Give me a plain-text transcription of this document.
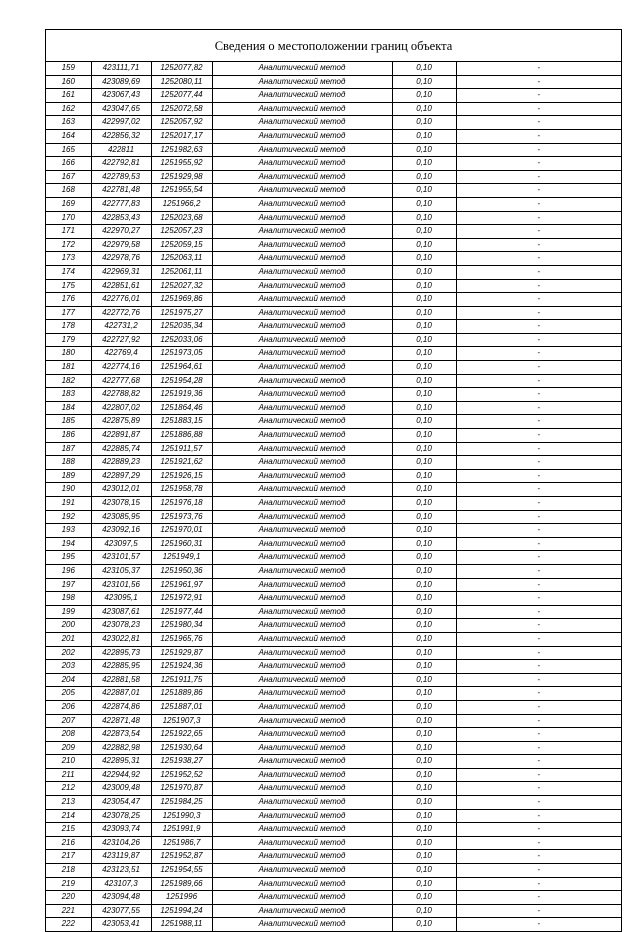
Сведения о местоположении границ объекта
159	423111,71	1252077,82	Аналитический метод	0,10	-
160	423089,69	1252080,11	Аналитический метод	0,10	-
161	423067,43	1252077,44	Аналитический метод	0,10	-
162	423047,65	1252072,58	Аналитический метод	0,10	-
163	422997,02	1252057,92	Аналитический метод	0,10	-
164	422856,32	1252017,17	Аналитический метод	0,10	-
165	422811	1251982,63	Аналитический метод	0,10	-
166	422792,81	1251955,92	Аналитический метод	0,10	-
167	422789,53	1251929,98	Аналитический метод	0,10	-
168	422781,48	1251955,54	Аналитический метод	0,10	-
169	422777,83	1251966,2	Аналитический метод	0,10	-
170	422853,43	1252023,68	Аналитический метод	0,10	-
171	422970,27	1252057,23	Аналитический метод	0,10	-
172	422979,58	1252059,15	Аналитический метод	0,10	-
173	422978,76	1252063,11	Аналитический метод	0,10	-
174	422969,31	1252061,11	Аналитический метод	0,10	-
175	422851,61	1252027,32	Аналитический метод	0,10	-
176	422776,01	1251969,86	Аналитический метод	0,10	-
177	422772,76	1251975,27	Аналитический метод	0,10	-
178	422731,2	1252035,34	Аналитический метод	0,10	-
179	422727,92	1252033,06	Аналитический метод	0,10	-
180	422769,4	1251973,05	Аналитический метод	0,10	-
181	422774,16	1251964,61	Аналитический метод	0,10	-
182	422777,68	1251954,28	Аналитический метод	0,10	-
183	422788,82	1251919,36	Аналитический метод	0,10	-
184	422807,02	1251864,46	Аналитический метод	0,10	-
185	422875,89	1251883,15	Аналитический метод	0,10	-
186	422891,87	1251886,88	Аналитический метод	0,10	-
187	422885,74	1251911,57	Аналитический метод	0,10	-
188	422889,23	1251921,62	Аналитический метод	0,10	-
189	422897,29	1251926,15	Аналитический метод	0,10	-
190	423012,01	1251958,78	Аналитический метод	0,10	-
191	423078,15	1251976,18	Аналитический метод	0,10	-
192	423085,95	1251973,76	Аналитический метод	0,10	-
193	423092,16	1251970,01	Аналитический метод	0,10	-
194	423097,5	1251960,31	Аналитический метод	0,10	-
195	423101,57	1251949,1	Аналитический метод	0,10	-
196	423105,37	1251950,36	Аналитический метод	0,10	-
197	423101,56	1251961,97	Аналитический метод	0,10	-
198	423095,1	1251972,91	Аналитический метод	0,10	-
199	423087,61	1251977,44	Аналитический метод	0,10	-
200	423078,23	1251980,34	Аналитический метод	0,10	-
201	423022,81	1251965,76	Аналитический метод	0,10	-
202	422895,73	1251929,87	Аналитический метод	0,10	-
203	422885,95	1251924,36	Аналитический метод	0,10	-
204	422881,58	1251911,75	Аналитический метод	0,10	-
205	422887,01	1251889,86	Аналитический метод	0,10	-
206	422874,86	1251887,01	Аналитический метод	0,10	-
207	422871,48	1251907,3	Аналитический метод	0,10	-
208	422873,54	1251922,65	Аналитический метод	0,10	-
209	422882,98	1251930,64	Аналитический метод	0,10	-
210	422895,31	1251938,27	Аналитический метод	0,10	-
211	422944,92	1251952,52	Аналитический метод	0,10	-
212	423009,48	1251970,87	Аналитический метод	0,10	-
213	423054,47	1251984,25	Аналитический метод	0,10	-
214	423078,25	1251990,3	Аналитический метод	0,10	-
215	423093,74	1251991,9	Аналитический метод	0,10	-
216	423104,26	1251986,7	Аналитический метод	0,10	-
217	423119,87	1251952,87	Аналитический метод	0,10	-
218	423123,51	1251954,55	Аналитический метод	0,10	-
219	423107,3	1251989,66	Аналитический метод	0,10	-
220	423094,48	1251996	Аналитический метод	0,10	-
221	423077,55	1251994,24	Аналитический метод	0,10	-
222	423053,41	1251988,11	Аналитический метод	0,10	-
